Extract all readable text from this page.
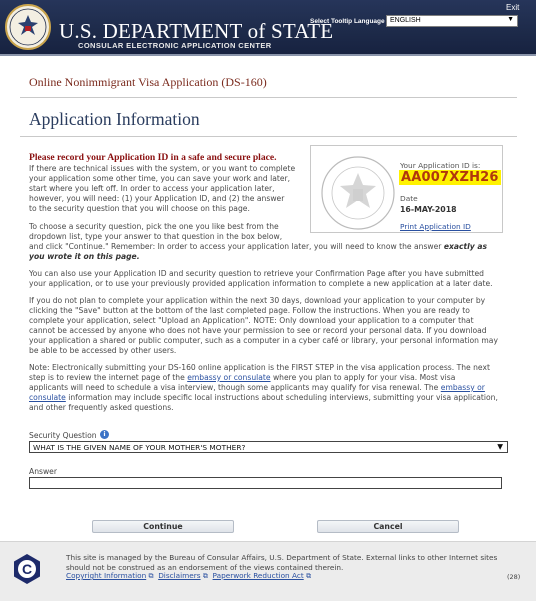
U.S. DEPARTMENT of STATE
CONSULAR ELECTRONIC APPLICATION CENTER
Exit
Select Tooltip Language ENGLISH	▼
Online Nonimmigrant Visa Application (DS-160)
Application Information
Please record your Application ID in a safe and secure place.
If there are technical issues with the system, or you want to complete
your application some other time, you can save your work and later,
start where you left off. In order to access your application later,
however, you will need: (1) your Application ID, and (2) the answer
to the security question that you will choose on this page.
To choose a security question, pick the one you like best from the
dropdown list, type your answer to that question in the box below,
and click "Continue." Remember: In order to access your application later, you will need to know the answer exactly as
you wrote it on this page.
You can also use your Application ID and security question to retrieve your Confirmation Page after you have submitted
your application, or to use your previously provided application information to complete a new application at a later date.
If you do not plan to complete your application within the next 30 days, download your application to your computer by
clicking the "Save" button at the bottom of the last completed page. Follow the instructions. When you are ready to
complete your application, select "Upload an Application". NOTE: Only download your application to a computer that
cannot be accessed by anyone who does not have your permission to see or record your personal data. If you download
your application a shared or public computer, such as a computer in a cyber café or library, your personal information may
be able to be accessed by other users.
Note: Electronically submitting your DS-160 online application is the FIRST STEP in the visa application process. The next
step is to review the internet page of the embassy or consulate where you plan to apply for your visa. Most visa
applicants will need to schedule a visa interview, though some applicants may qualify for visa renewal. The embassy or
consulate information may include specific local instructions about scheduling interviews, submitting your visa application,
and other frequently asked questions.
Your Application ID is:
AA007XZH26
Date
16-MAY-2018
Print Application ID
Security Question	i
WHAT IS THE GIVEN NAME OF YOUR MOTHER'S MOTHER?	▼
Answer
Continue	Cancel
C
This site is managed by the Bureau of Consular Affairs, U.S. Department of State. External links to other Internet sites should not be construed as an endorsement of the views contained therein.
Copyright Information ⧉ Disclaimers ⧉ Paperwork Reduction Act ⧉	(28)
